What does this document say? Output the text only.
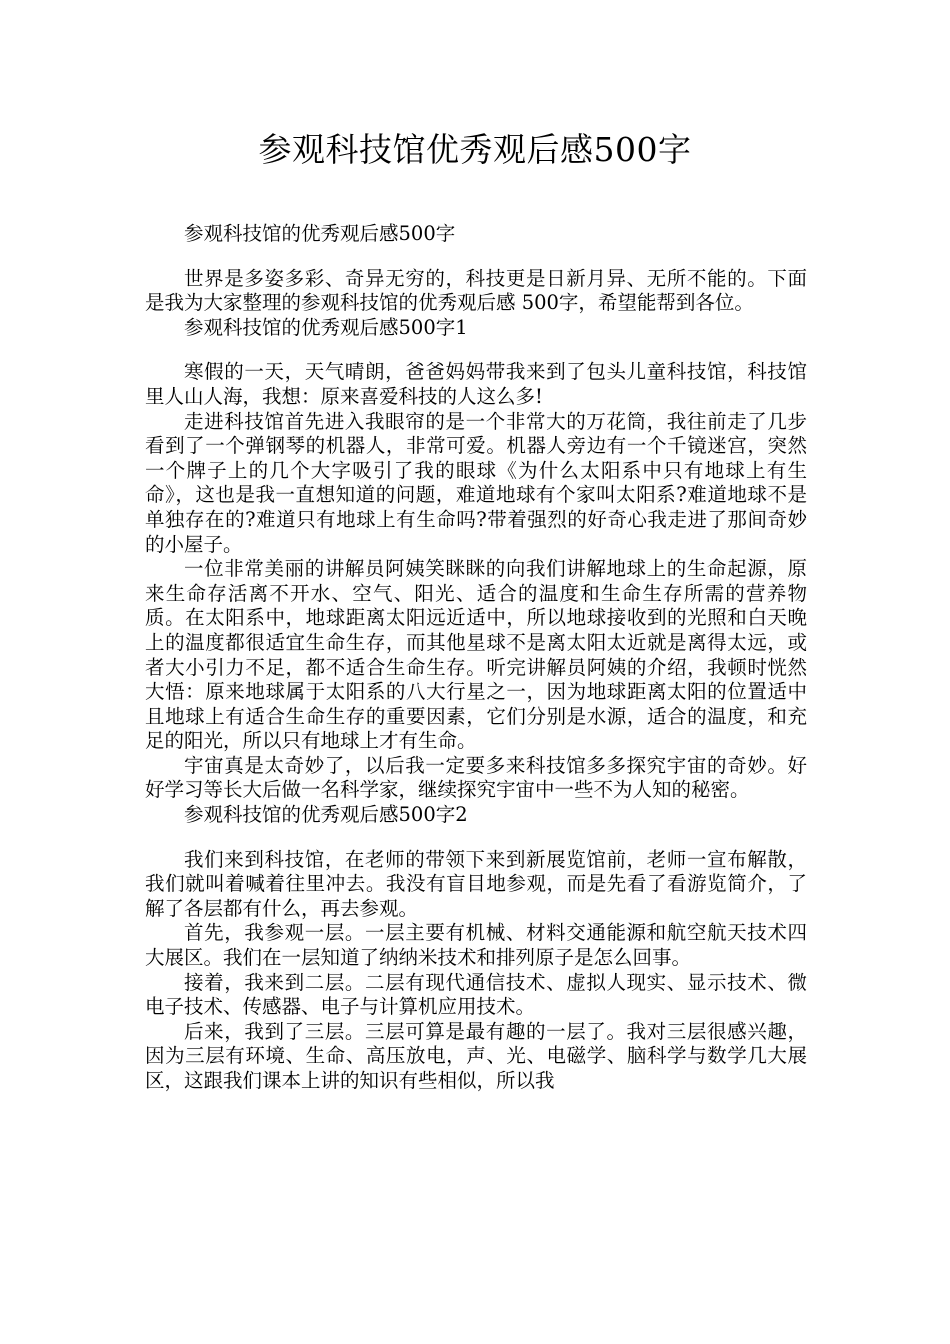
参观科技馆优秀观后感500字

参观科技馆的优秀观后感500字

世界是多姿多彩、奇异无穷的，科技更是日新月异、无所不能的。下面是我为大家整理的参观科技馆的优秀观后感 500字，希望能帮到各位。

参观科技馆的优秀观后感500字1

寒假的一天，天气晴朗，爸爸妈妈带我来到了包头儿童科技馆，科技馆里人山人海，我想：原来喜爱科技的人这么多!

走进科技馆首先进入我眼帘的是一个非常大的万花筒，我往前走了几步看到了一个弹钢琴的机器人，非常可爱。机器人旁边有一个千镜迷宫，突然一个牌子上的几个大字吸引了我的眼球《为什么太阳系中只有地球上有生命》，这也是我一直想知道的问题，难道地球有个家叫太阳系?难道地球不是单独存在的?难道只有地球上有生命吗?带着强烈的好奇心我走进了那间奇妙的小屋子。

一位非常美丽的讲解员阿姨笑眯眯的向我们讲解地球上的生命起源，原来生命存活离不开水、空气、阳光、适合的温度和生命生存所需的营养物质。在太阳系中，地球距离太阳远近适中，所以地球接收到的光照和白天晚上的温度都很适宜生命生存，而其他星球不是离太阳太近就是离得太远，或者大小引力不足，都不适合生命生存。听完讲解员阿姨的介绍，我顿时恍然大悟：原来地球属于太阳系的八大行星之一，因为地球距离太阳的位置适中且地球上有适合生命生存的重要因素，它们分别是水源，适合的温度，和充足的阳光，所以只有地球上才有生命。

宇宙真是太奇妙了，以后我一定要多来科技馆多多探究宇宙的奇妙。好好学习等长大后做一名科学家，继续探究宇宙中一些不为人知的秘密。

参观科技馆的优秀观后感500字2

我们来到科技馆，在老师的带领下来到新展览馆前，老师一宣布解散，我们就叫着喊着往里冲去。我没有盲目地参观，而是先看了看游览简介，了解了各层都有什么，再去参观。

首先，我参观一层。一层主要有机械、材料交通能源和航空航天技术四大展区。我们在一层知道了纳纳米技术和排列原子是怎么回事。

接着，我来到二层。二层有现代通信技术、虚拟人现实、显示技术、微电子技术、传感器、电子与计算机应用技术。

后来，我到了三层。三层可算是最有趣的一层了。我对三层很感兴趣，因为三层有环境、生命、高压放电，声、光、电磁学、脑科学与数学几大展区，这跟我们课本上讲的知识有些相似，所以我
